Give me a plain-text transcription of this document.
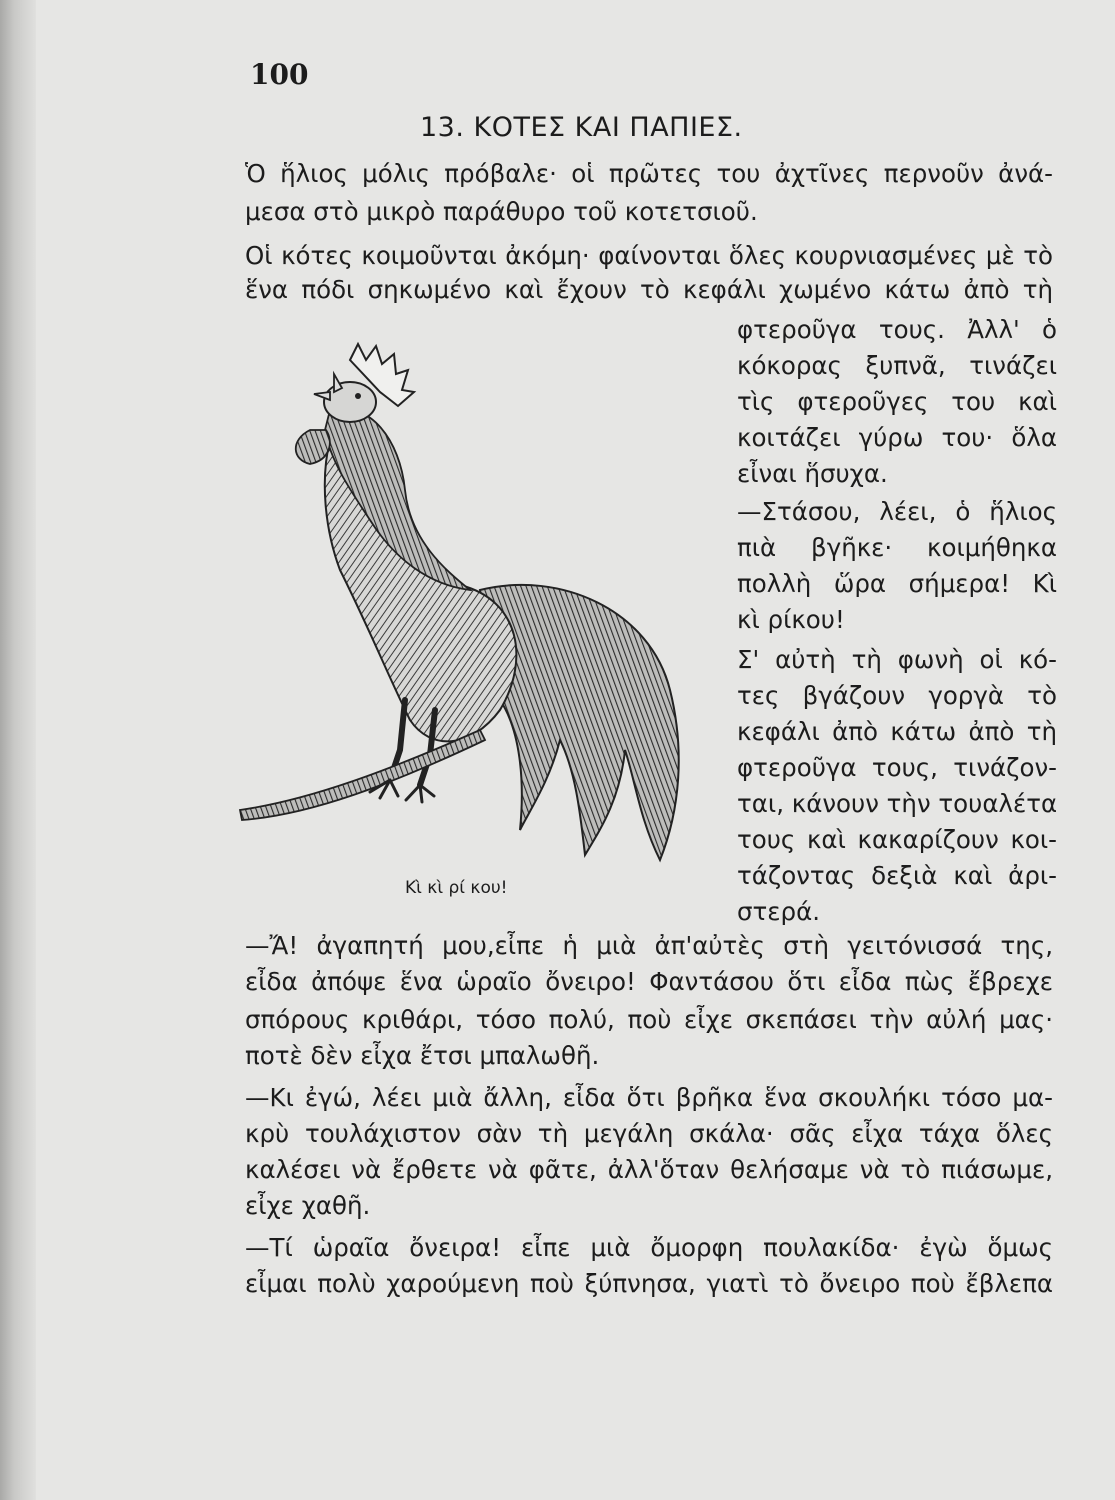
100
13. ΚΟΤΕΣ ΚΑΙ ΠΑΠΙΕΣ.
Ὁ ἥλιος μόλις πρόβαλε· οἱ πρῶτες του ἀχτῖνες περνοῦν ἀνά-
μεσα στὸ μικρὸ παράθυρο τοῦ κοτετσιοῦ.
Οἱ κότες κοιμοῦνται ἀκόμη· φαίνονται ὅλες κουρνιασμένες μὲ τὸ
ἕνα πόδι σηκωμένο καὶ ἔχουν τὸ κεφάλι χωμένο κάτω ἀπὸ τὴ
φτεροῦγα τους. Ἀλλ' ὁ
κόκορας ξυπνᾶ, τινάζει
τὶς φτεροῦγες του καὶ
κοιτάζει γύρω του· ὅλα
εἶναι ἥσυχα.
—Στάσου, λέει, ὁ ἥλιος
πιὰ βγῆκε· κοιμήθηκα
πολλὴ ὥρα σήμερα! Κὶ
κὶ ρίκου!
Σ' αὐτὴ τὴ φωνὴ οἱ κό-
τες βγάζουν γοργὰ τὸ
κεφάλι ἀπὸ κάτω ἀπὸ τὴ
φτεροῦγα τους, τινάζον-
ται, κάνουν τὴν τουαλέτα
τους καὶ κακαρίζουν κοι-
τάζοντας δεξιὰ καὶ ἀρι-
στερά.
Κὶ κὶ ρί κου!
—Ἄ! ἀγαπητή μου,εἶπε ἡ μιὰ ἀπ'αὐτὲς στὴ γειτόνισσά της,
εἶδα ἀπόψε ἕνα ὡραῖο ὄνειρο! Φαντάσου ὅτι εἶδα πὼς ἔβρεχε
σπόρους κριθάρι, τόσο πολύ, ποὺ εἶχε σκεπάσει τὴν αὐλή μας·
ποτὲ δὲν εἶχα ἔτσι μπαλωθῆ.
—Κι ἐγώ, λέει μιὰ ἄλλη, εἶδα ὅτι βρῆκα ἕνα σκουλήκι τόσο μα-
κρὺ τουλάχιστον σὰν τὴ μεγάλη σκάλα· σᾶς εἶχα τάχα ὅλες
καλέσει νὰ ἔρθετε νὰ φᾶτε, ἀλλ'ὅταν θελήσαμε νὰ τὸ πιάσωμε,
εἶχε χαθῆ.
—Τί ὡραῖα ὄνειρα! εἶπε μιὰ ὄμορφη πουλακίδα· ἐγὼ ὅμως
εἶμαι πολὺ χαρούμενη ποὺ ξύπνησα, γιατὶ τὸ ὄνειρο ποὺ ἔβλεπα
